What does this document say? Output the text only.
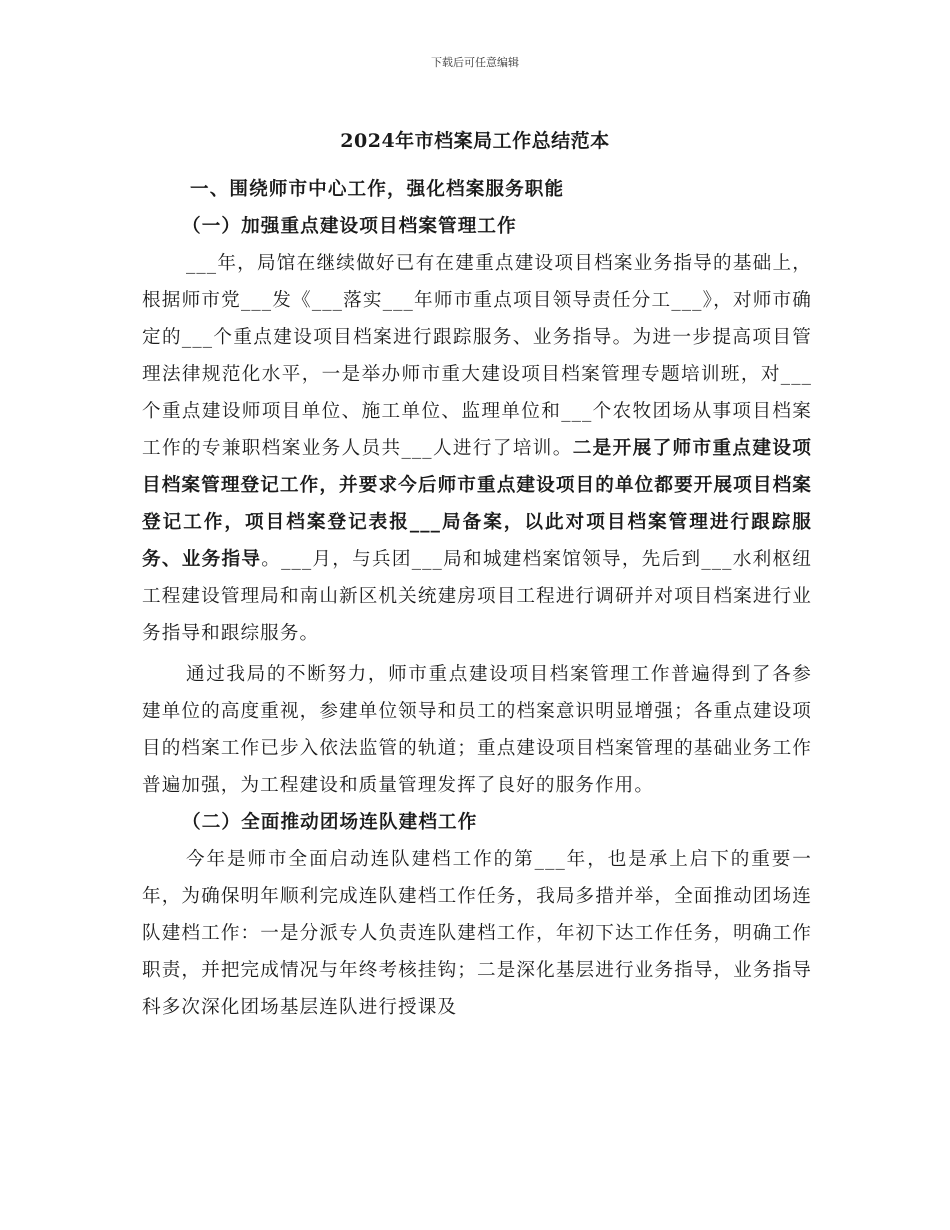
下载后可任意编辑
2024年市档案局工作总结范本
一、围绕师市中心工作，强化档案服务职能
（一）加强重点建设项目档案管理工作

___年，局馆在继续做好已有在建重点建设项目档案业务指导的基础上，根据师市党___发《___落实___年师市重点项目领导责任分工___》，对师市确定的___个重点建设项目档案进行跟踪服务、业务指导。为进一步提高项目管理法律规范化水平，一是举办师市重大建设项目档案管理专题培训班，对___个重点建设师项目单位、施工单位、监理单位和___个农牧团场从事项目档案工作的专兼职档案业务人员共___人进行了培训。二是开展了师市重点建设项目档案管理登记工作，并要求今后师市重点建设项目的单位都要开展项目档案登记工作，项目档案登记表报___局备案，以此对项目档案管理进行跟踪服务、业务指导。___月，与兵团___局和城建档案馆领导，先后到___水利枢纽工程建设管理局和南山新区机关统建房项目工程进行调研并对项目档案进行业务指导和跟综服务。

通过我局的不断努力，师市重点建设项目档案管理工作普遍得到了各参建单位的高度重视，参建单位领导和员工的档案意识明显增强；各重点建设项目的档案工作已步入依法监管的轨道；重点建设项目档案管理的基础业务工作普遍加强，为工程建设和质量管理发挥了良好的服务作用。

（二）全面推动团场连队建档工作

今年是师市全面启动连队建档工作的第___年，也是承上启下的重要一年，为确保明年顺利完成连队建档工作任务，我局多措并举，全面推动团场连队建档工作：一是分派专人负责连队建档工作，年初下达工作任务，明确工作职责，并把完成情况与年终考核挂钩；二是深化基层进行业务指导，业务指导科多次深化团场基层连队进行授课及
